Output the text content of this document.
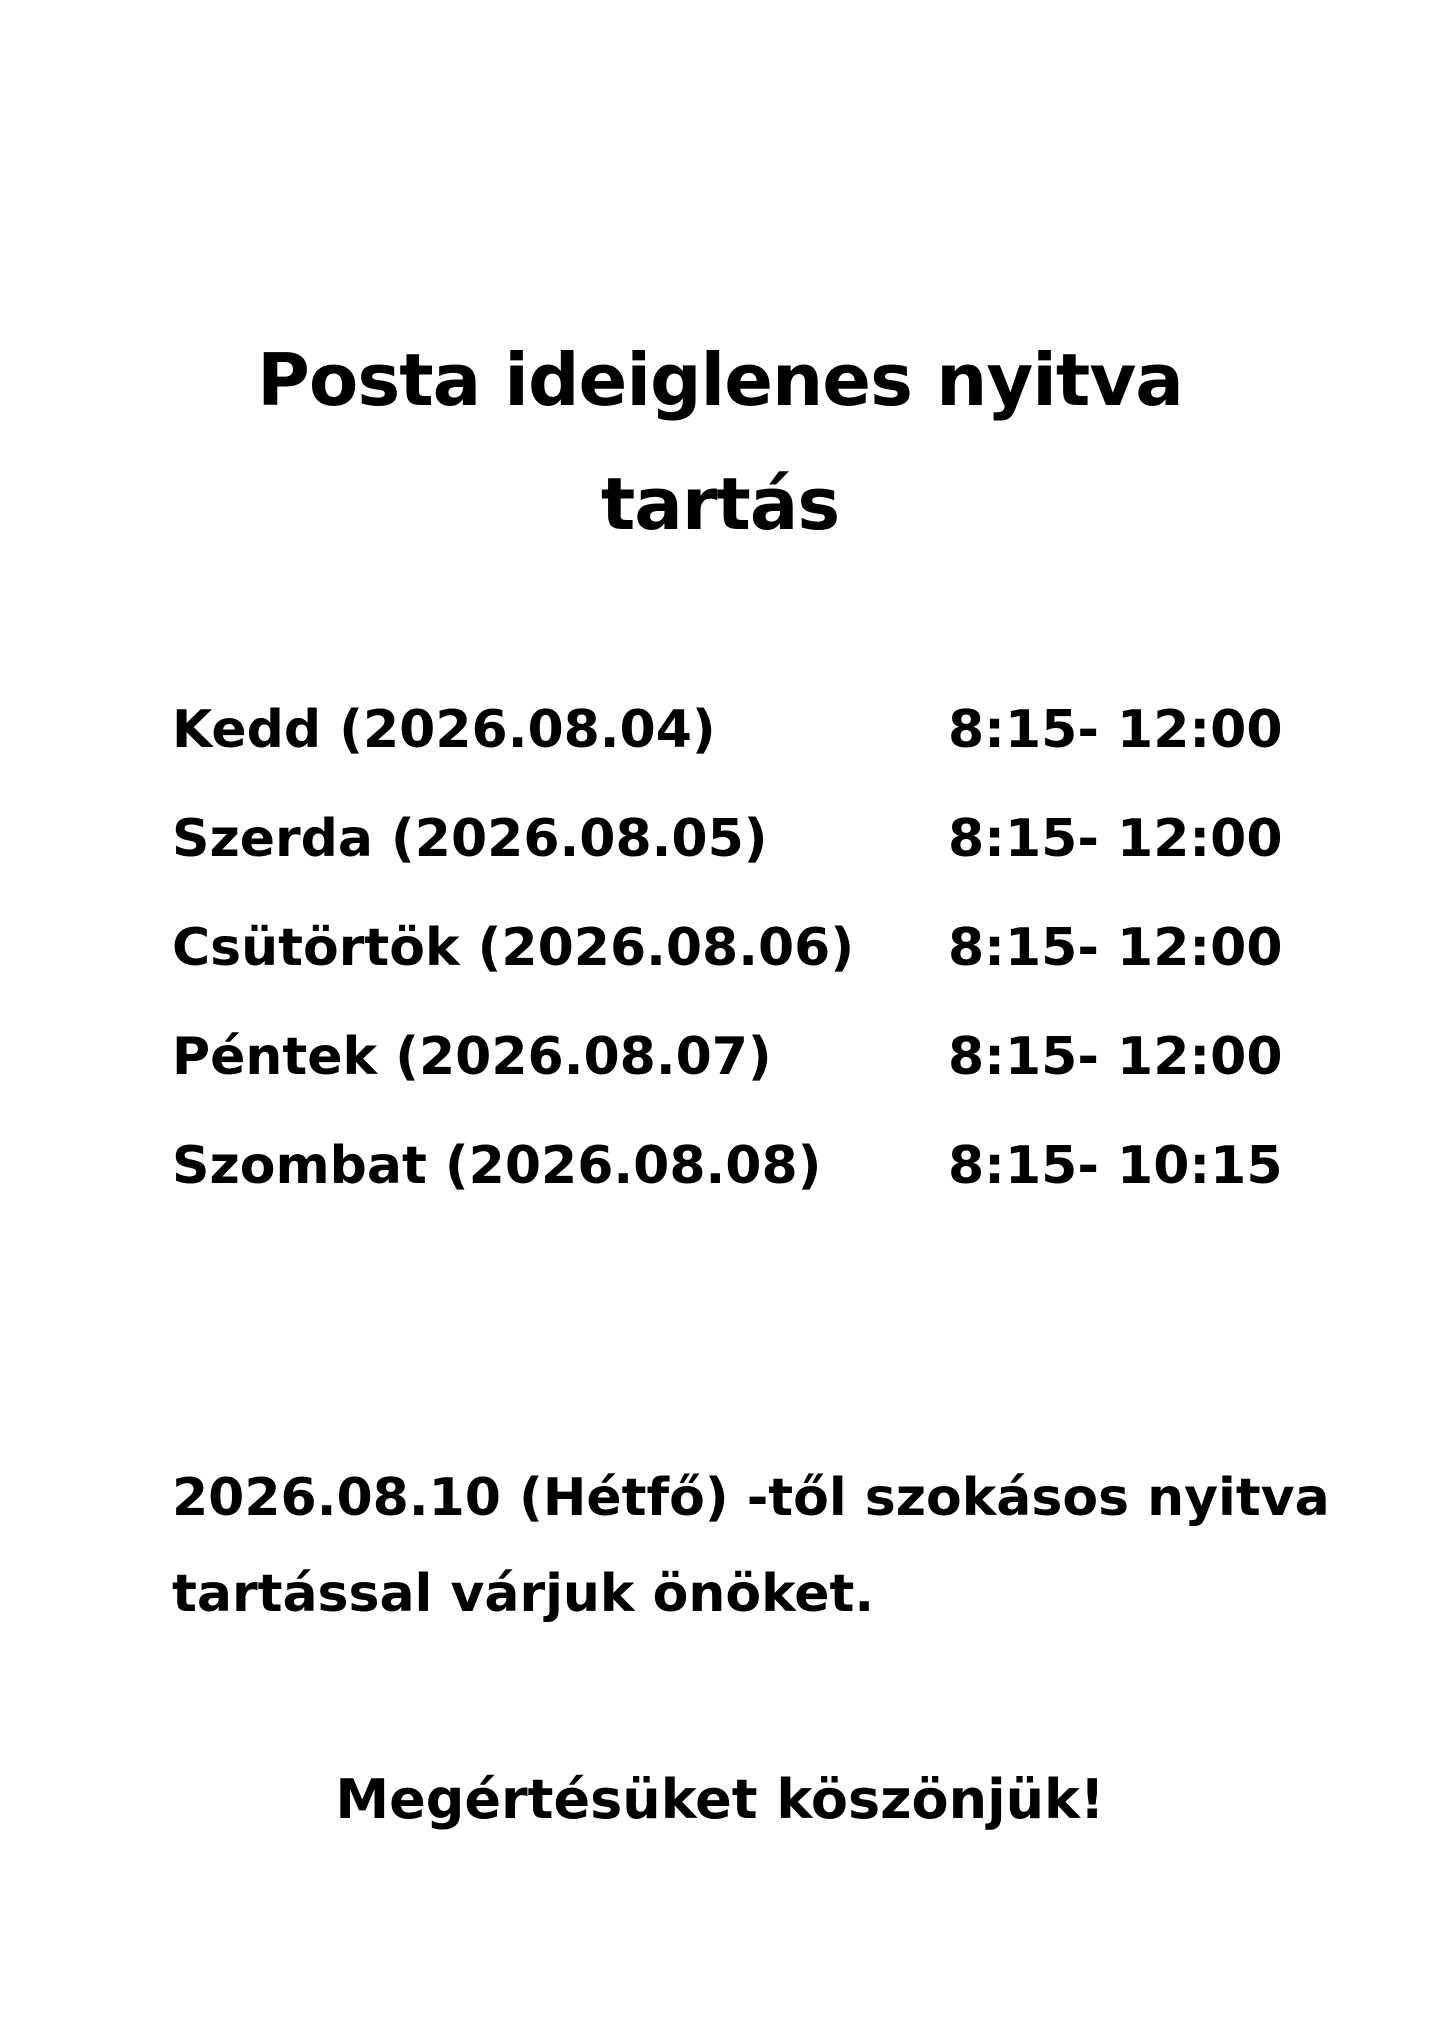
Posta ideiglenes nyitva
tartás
Kedd (2026.08.04)	8:15- 12:00
Szerda (2026.08.05)	8:15- 12:00
Csütörtök (2026.08.06) 8:15- 12:00
Péntek (2026.08.07)	8:15- 12:00
Szombat (2026.08.08) 8:15- 10:15
2026.08.10 (Hétfő) -től szokásos nyitva
tartással várjuk önöket.
Megértésüket köszönjük!
